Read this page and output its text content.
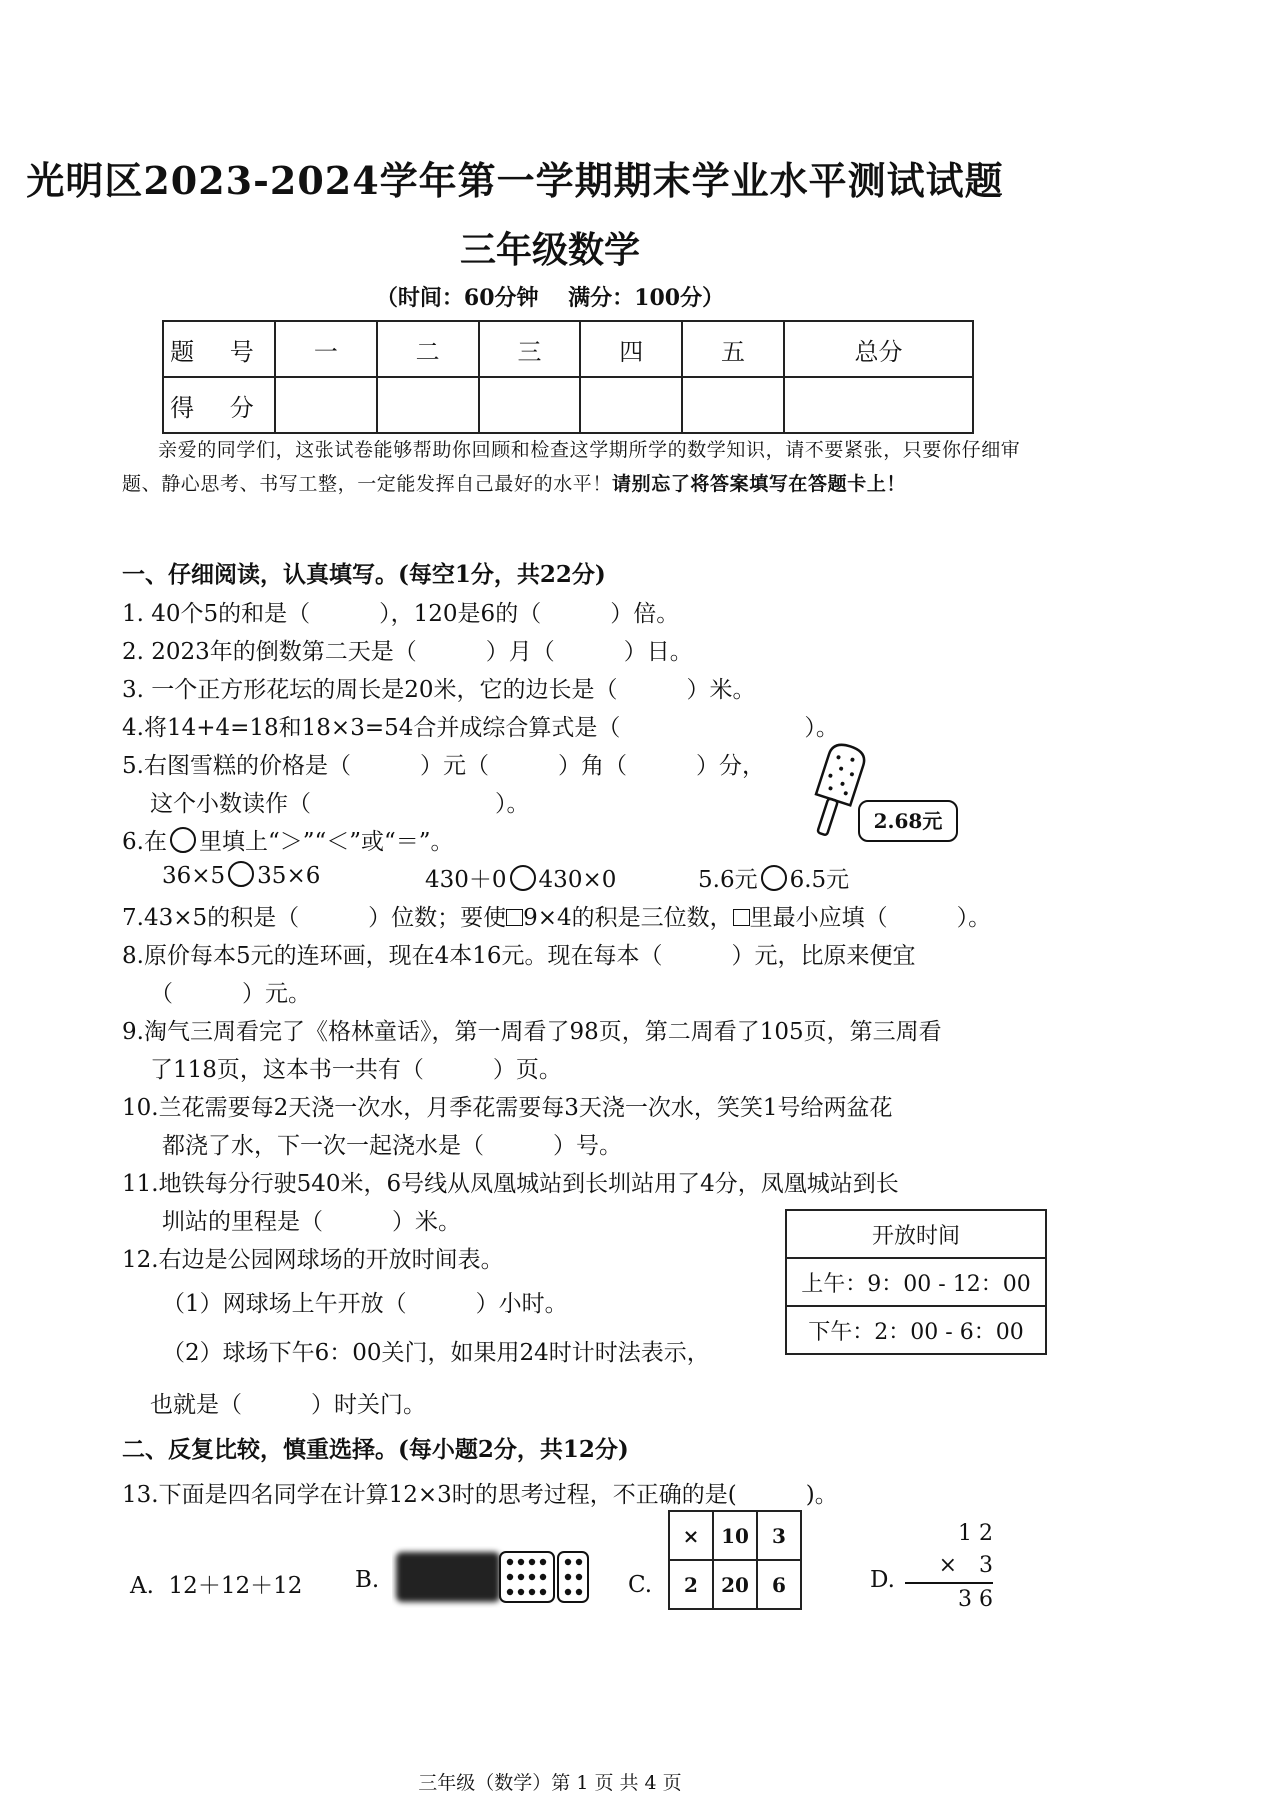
光明区2023-2024学年第一学期期末学业水平测试试题
三年级数学
（时间：60分钟　 满分：100分）
题 号	一	二	三	四	五	总分
得 分						
亲爱的同学们，这张试卷能够帮助你回顾和检查这学期所学的数学知识，请不要紧张，只要你仔细审题、静心思考、书写工整，一定能发挥自己最好的水平！请别忘了将答案填写在答题卡上！
一、仔细阅读，认真填写。(每空1分，共22分)
1. 40个5的和是（　　　），120是6的（　　　）倍。
2. 2023年的倒数第二天是（　　　）月（　　　）日。
3. 一个正方形花坛的周长是20米，它的边长是（　　　）米。
4.将14+4=18和18×3=54合并成综合算式是（　　　　　　　　）。
5.右图雪糕的价格是（　　　）元（　　　）角（　　　）分，
这个小数读作（　　　　　　　　）。
2.68元
6.在 里填上“＞”“＜”或“＝”。
36×5 35×6	430＋0 430×0	5.6元 6.5元
7.43×5的积是（　　　）位数；要使 9×4的积是三位数， 里最小应填（　　　）。
8.原价每本5元的连环画，现在4本16元。现在每本（　　　）元，比原来便宜
（　　　）元。
9.淘气三周看完了《格林童话》，第一周看了98页，第二周看了105页，第三周看
了118页，这本书一共有（　　　）页。
10.兰花需要每2天浇一次水，月季花需要每3天浇一次水，笑笑1号给两盆花
都浇了水，下一次一起浇水是（　　　）号。
11.地铁每分行驶540米，6号线从凤凰城站到长圳站用了4分，凤凰城站到长
圳站的里程是（　　　）米。
12.右边是公园网球场的开放时间表。
（1）网球场上午开放（　　　）小时。
（2）球场下午6：00关门，如果用24时计时法表示，
也就是（　　　）时关门。
开放时间
上午：9：00 - 12：00
下午：2：00 - 6：00
二、反复比较，慎重选择。(每小题2分，共12分)
13.下面是四名同学在计算12×3时的思考过程，不正确的是(　　　)。
A. 12＋12＋12 B.	C.
×	10	3
2	20	6	D.
1 2
×　3
3 6
三年级（数学）第 1 页 共 4 页
